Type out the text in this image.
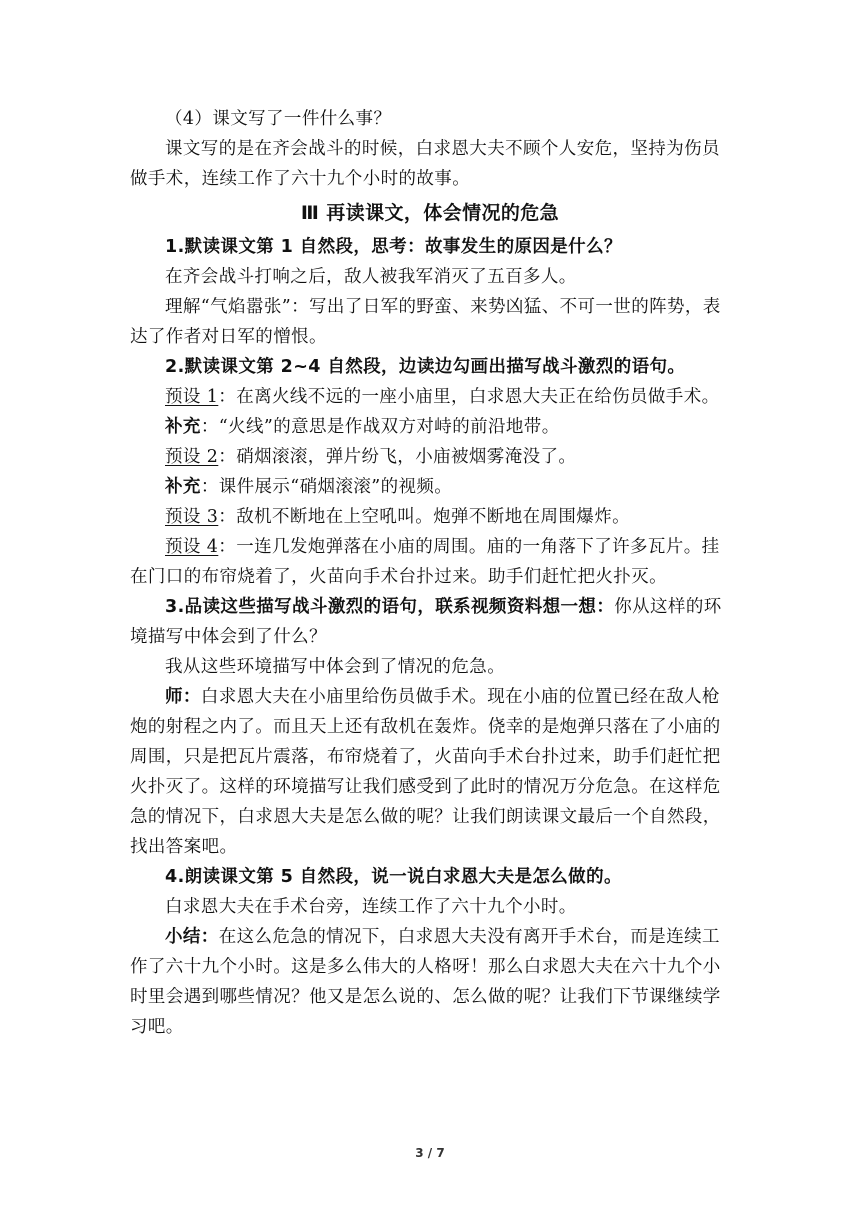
（4）课文写了一件什么事？

课文写的是在齐会战斗的时候，白求恩大夫不顾个人安危，坚持为伤员做手术，连续工作了六十九个小时的故事。

Ⅲ 再读课文，体会情况的危急

1.默读课文第 1 自然段，思考：故事发生的原因是什么？

在齐会战斗打响之后，敌人被我军消灭了五百多人。

理解“气焰嚣张”：写出了日军的野蛮、来势凶猛、不可一世的阵势，表达了作者对日军的憎恨。

2.默读课文第 2~4 自然段，边读边勾画出描写战斗激烈的语句。

预设 1：在离火线不远的一座小庙里，白求恩大夫正在给伤员做手术。

补充：“火线”的意思是作战双方对峙的前沿地带。

预设 2：硝烟滚滚，弹片纷飞，小庙被烟雾淹没了。

补充：课件展示“硝烟滚滚”的视频。

预设 3：敌机不断地在上空吼叫。炮弹不断地在周围爆炸。

预设 4：一连几发炮弹落在小庙的周围。庙的一角落下了许多瓦片。挂在门口的布帘烧着了，火苗向手术台扑过来。助手们赶忙把火扑灭。

3.品读这些描写战斗激烈的语句，联系视频资料想一想：你从这样的环境描写中体会到了什么？

我从这些环境描写中体会到了情况的危急。

师：白求恩大夫在小庙里给伤员做手术。现在小庙的位置已经在敌人枪炮的射程之内了。而且天上还有敌机在轰炸。侥幸的是炮弹只落在了小庙的周围，只是把瓦片震落，布帘烧着了，火苗向手术台扑过来，助手们赶忙把火扑灭了。这样的环境描写让我们感受到了此时的情况万分危急。在这样危急的情况下，白求恩大夫是怎么做的呢？让我们朗读课文最后一个自然段，找出答案吧。

4.朗读课文第 5 自然段，说一说白求恩大夫是怎么做的。

白求恩大夫在手术台旁，连续工作了六十九个小时。

小结：在这么危急的情况下，白求恩大夫没有离开手术台，而是连续工作了六十九个小时。这是多么伟大的人格呀！那么白求恩大夫在六十九个小时里会遇到哪些情况？他又是怎么说的、怎么做的呢？让我们下节课继续学习吧。

3 / 7
